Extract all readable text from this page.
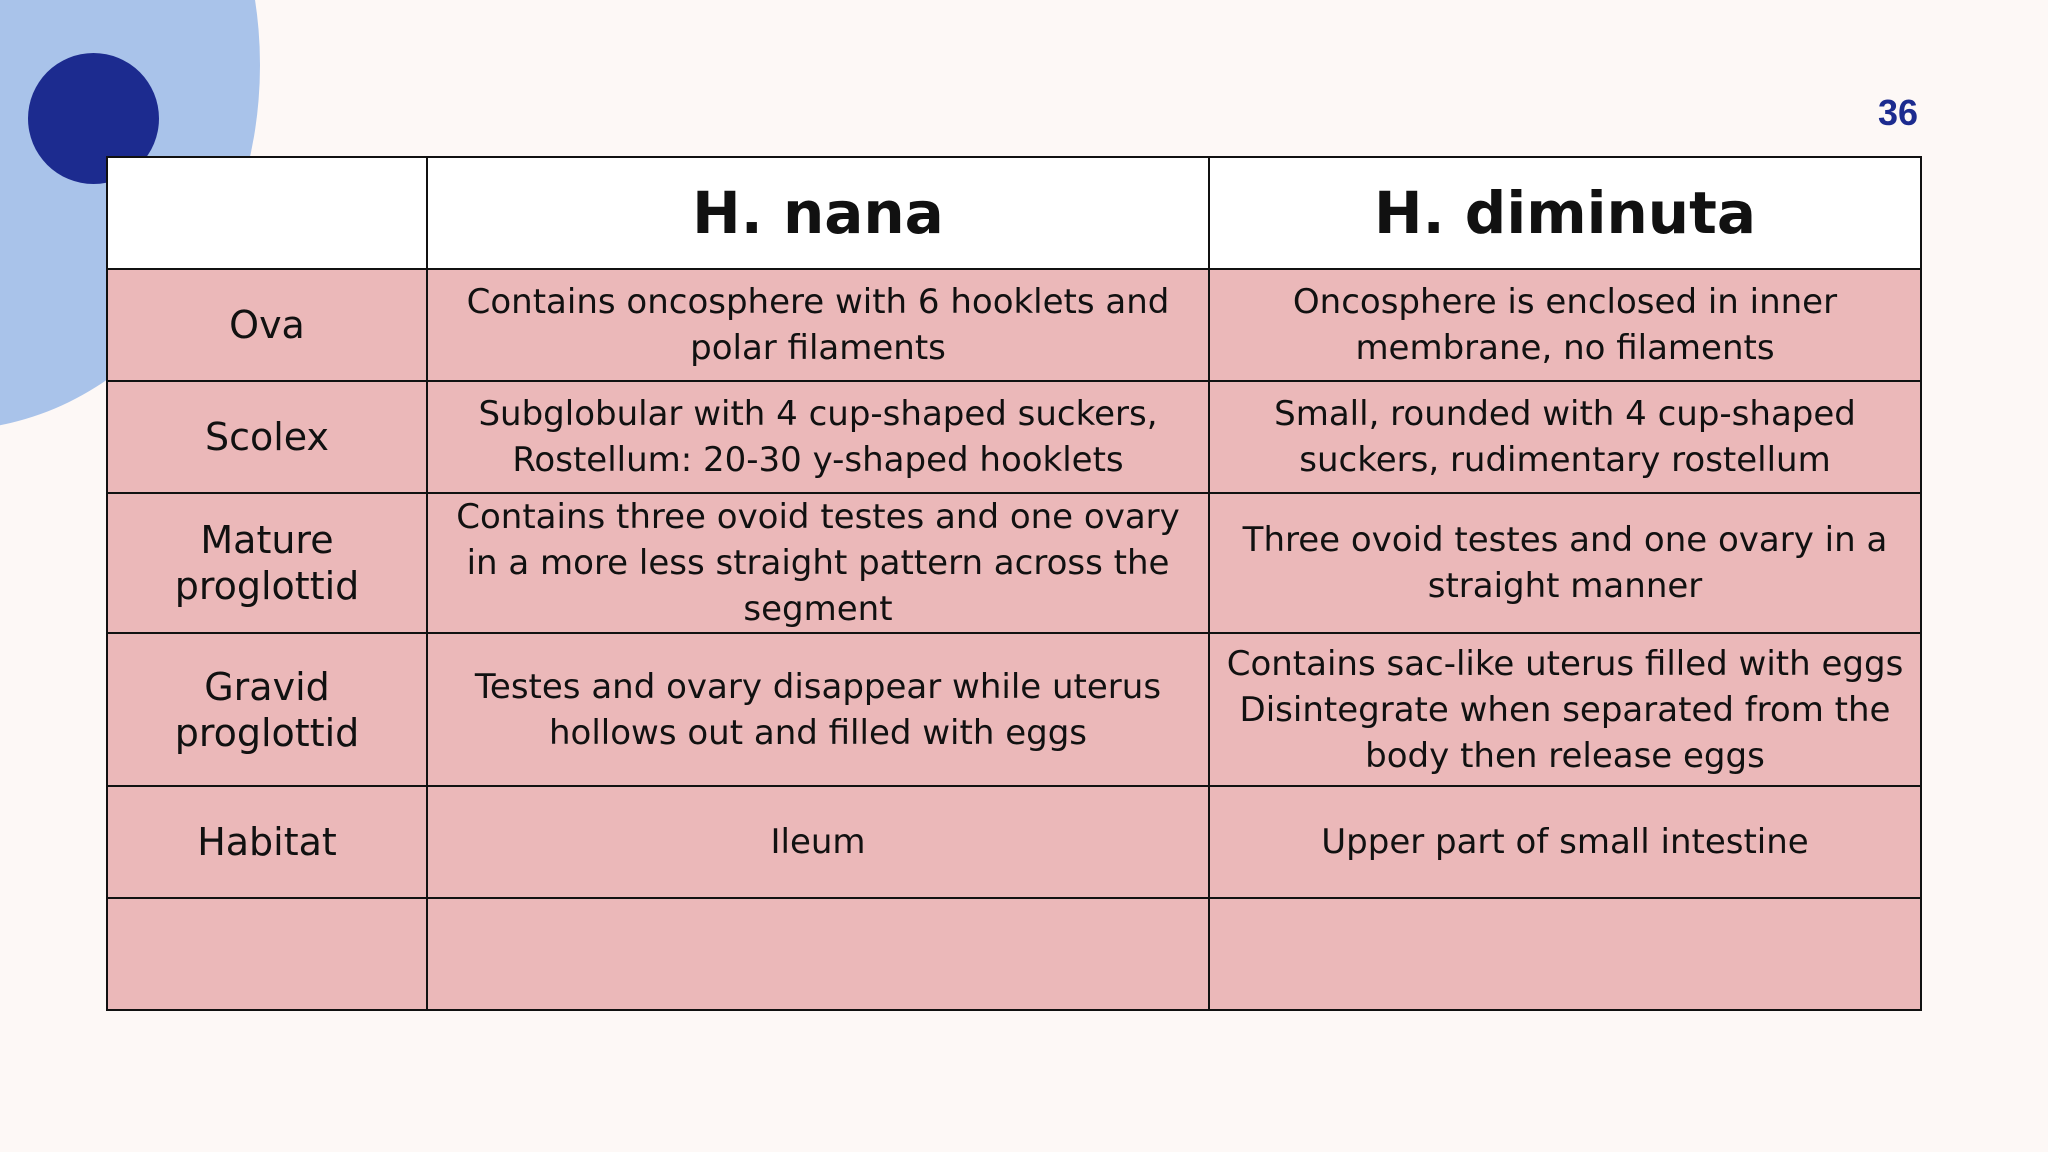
36
	H. nana	H. diminuta
Ova	Contains oncosphere with 6 hooklets and polar filaments	Oncosphere is enclosed in inner membrane, no filaments
Scolex	Subglobular with 4 cup-shaped suckers, Rostellum: 20-30 y-shaped hooklets	Small, rounded with 4 cup-shaped suckers, rudimentary rostellum
Mature proglottid	Contains three ovoid testes and one ovary in a more less straight pattern across the segment	Three ovoid testes and one ovary in a straight manner
Gravid proglottid	Testes and ovary disappear while uterus hollows out and filled with eggs	Contains sac-like uterus filled with eggs Disintegrate when separated from the body then release eggs
Habitat	Ileum	Upper part of small intestine
